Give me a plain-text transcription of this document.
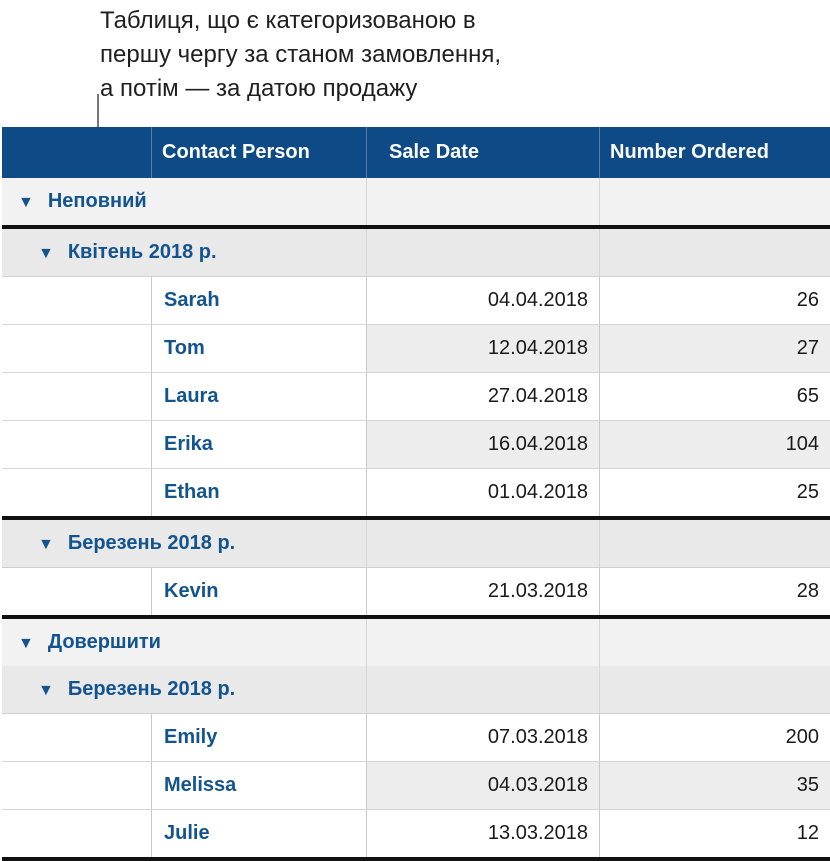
Таблиця, що є категоризованою в
першу чергу за станом замовлення,
а потім — за датою продажу
Contact Person	Sale Date	Number Ordered
▼ Неповний
▼ Квітень 2018 р.
Sarah	04.04.2018	26
Tom	12.04.2018	27
Laura	27.04.2018	65
Erika	16.04.2018	104
Ethan	01.04.2018	25
▼ Березень 2018 р.
Kevin	21.03.2018	28
▼ Довершити
▼ Березень 2018 р.
Emily	07.03.2018	200
Melissa	04.03.2018	35
Julie	13.03.2018	12
